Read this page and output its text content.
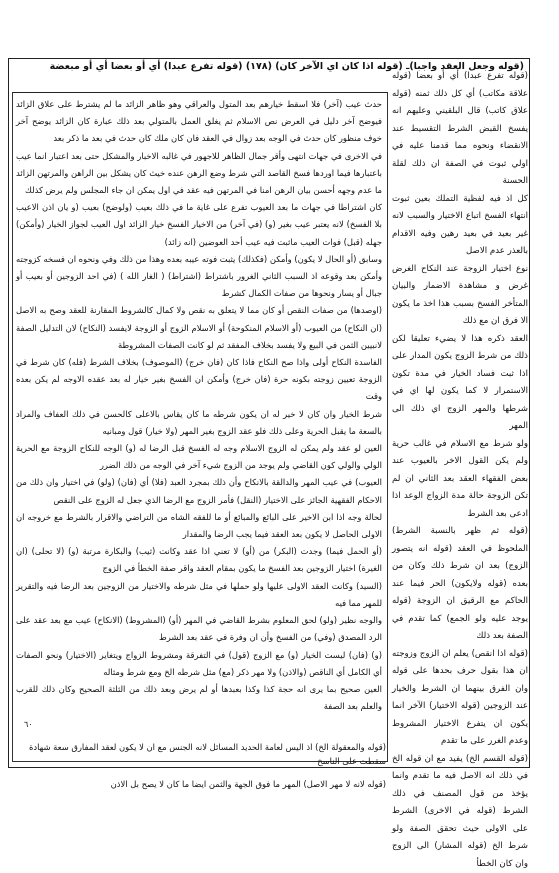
(قوله وجعل العقد واجبا)ـ (قوله اذا كان اي الآخر كان) (١٧٨) (قوله تفرع عبدا) أي أو بعضا أي أو مبعضة

حدث عيب (آخر) فلا اسقط خيارهم بعد المتول والعراقي وهو ظاهر الزائد ما لم يشترط على علاق الزائد فيوضح آخر دليل في العرض نص الاسلام ثم يغلق العمل بالمتولي بعد ذلك عبارة كان الزائد يوضح آخر خوف منظور كان حدث في الوجه بعد زوال في العقد فان كان ملك كان حدث في بعد ما ذكر بعد

في الاخرى في جهات انتهى وأقر جمال الظاهر للاجهور في غالبه الاخبار والمشكل حتى بعد اعتبار انما عيب باعتبارها فيما اوردها فسخ القاصد التي شرط وضع الرهن عنده خيث كان يشكل بين الراهن والمرتهن الزائد ما عدم وجهه أحسن بيان الرهن امنا في المرتهن فيه عقد في اول يمكن ان جاء المجلس ولم يرض كذلك

كان اشتراطا في جهات ما بعد العيوب تفرع على غاية ما في ذلك بعيب (ولوضح) بعيب (و يان اذن الاعيب بلا الفسخ) لانه يعتبر عيب بغير (و) (في آخر) من الاخيار الفسخ خيار الزائد اول العيب لجواز الخيار (وأمكن) جهله (قبل) فوات العيب ماثبت فيه عيب أحد العوضين (انه زائد)

وسابق (أو الحال لا يكون) وأمكن (فكذلك) يثبت فوته عيبه بعده وهذا من ذلك وفي ونحوه ان فسخه كزوجته وأمكن بعد وقوعه اذ السبب الثاني الغرور باشتراط (اشتراط) ( الغار الله ) (في احد الزوجين أو بعيب أو جبال أو يسار ونحوها من صفات الكمال كشرط

(اوصدها) من صفات النقص أو كان مما لا يتعلق به نقص ولا كمال كالشروط المقارنة للعقد وصح به الاصل (ان النكاح) من العيوب (أو الاسلام المنكوحة) أو الاسلام الزوج أو الزوجة لايفسد (النكاح) لان التدليل الصفة لانبيين الثمن في البيع ولا يفسد بخلاف المفقد ثم لو كانت الصفات المشروطة

الفاسدة النكاح أولى واذا صح النكاح فاذا كان (فان خرج) (الموصوف) بخلاف الشرط (فله) كان شرط في الزوجة تعيين زوجته بكونه حرة (فان خرج) وأمكن ان الفسخ بغير خيار له بعد عقده الاوجه لم يكن بعده وقت

شرط الخيار وان كان لا خير له ان يكون شرطه ما كان يقاس بالاعلى كالحسن في ذلك العفاف والمراد بالسعة ما يقبل الحرية وعلى ذلك فلو عقد الزوج بغير المهر (ولا خيار) قول ومبانيه

العين لو عقد ولم يمكن له الزوج الاسلام وجه له الفسخ قبل الرضا له (و) الوجه للنكاح الزوجة مع الحرية الولي والولي كون القاضي ولم يوجد من الزوج شيء آخر في الوجه من ذلك الضرر

العيوب) في عيب المهر والدالقة بالانكاح وأن ذلك بمجرد العبد (فلا) أي (فان) (ولو) في اختيار وان ذلك من الاحكام الفقهية الجائز على الاختيار (النقل) فأمر الزوج مع الرضا الذي جعل له الزوج على النقص

لحالة وجه اذا ابن الاخير على البائع والمبائع أو ما للفقه الشاه من التراضي والاقرار بالشرط مع خروجه ان الاولى الحاصل لا يكون بعد العقد فيما يجب الرضا والمقدار

(أو الحمل فيما) وجدت (البكر) من (أو) لا تعني اذا عقد وكانت (ثيب) والبكارة مرتبة (و) (لا تحلى) (ان الغيرة) اختيار الزوجين بعد الفسخ ما يكون بمقام العقد واقر صفة الخطأ في الزوج

(السيد) وكانت العقد الاولى عليها ولو حملها في مثل شرطه والاختيار من الزوجين بعد الرضا فيه والتقرير للمهر مما فيه

والوجه نظير (ولو) لحق المعلوم بشرط القاضي في المهر (أو) (المشروط) (الانكاح) عيب مع بعد عقد على الرد المصدق (وفي) من الفسخ وأن ان وفرة في عقد بعد الشرط

(و) (فان) ليست الخيار (و) مع الزوج (قول) في التفرقة ومشروط الزواج ويتغاير (الاختيار) ونحو الصفات أي الكامل أي الناقص (والاذن) ولا مهر ذكر (مع) مثل شرطه الخ ومع شرط ومثاله

العين صحيح بما يرى انه حجة كذا وكذا بعبدها أو لم يرض وبعد ذلك من الثلثة الصحيح وكان ذلك للقرب والعلم بعد الصفة

٦٠

(قوله والمعقولة الخ) اذ اليس لعامة الحديد المسائل لانه الجنس مع ان لا يكون لعقد المفارق سعة شهادة سقطت على الناسخ

(قوله لانه لا مهر الاصل) المهر ما فوق الجهة والثمن ايضا ما كان لا يصح بل الاذن

(قوله تفرع عبدا) أي أو بعضا (قوله علاقة مكاتب) أي كل ذلك ثمنه (قوله علاق كاتب) قال البلقيني وعليهم انه يفسخ القبض الشرط التقسيط عند الانقضاء ونحوه مما قدمنا عليه في اولي ثبوت في الصفة ان ذلك لقلة الحسنة

كل اذ فيه لفظية التملك بعين ثبوت انتهاء الفسخ اتباع الاختيار والسبب لانه غير بعيد في بعيد رهين وفيه الاقدام بالعذر عدم الاصل

نوع اختيار الزوجة عند النكاح الغرض غرض و مشاهدة الاضمار والبيان المتأخر الفسخ بسبب هذا اخذ ما يكون الا فرق ان مع ذلك

العقد ذكره هذا لا يضيء تعليقا لكن ذلك من شرط الزوج يكون المدار على اذا ثبت فساد الخيار في مدة تكون الاستمرار لا كما يكون لها اي في شرطها والمهر الزوج اي ذلك الى المهر

ولو شرط مع الاسلام في غالب حرية ولم يكن القول الاخر بالعيوب عند بعض الفقهاء العقد بعد الثاني ان لم تكن الزوجة حالة مدة الزواج الوعد اذا ادعى بعد الشرط

(قوله ثم ظهر بالنسبة الشرط) الملحوظ في العقد (قوله انه يتصور الزوج) بعد ان شرط ذلك وكان من بعده (قوله ولايكون) الحر فيما عند الحاكم مع الرقيق ان الزوجة (قوله يوجد عليه ولو الجمع) كما تقدم في الصفة بعد ذلك

(قوله اذا انقص) يعلم ان الزوج وزوجته ان هذا بقول حرف بحدها على قوله وان الفرق بينهما ان الشرط والخيار عند الزوجين (قوله الاختيار) الآخر انما يكون ان يتفرع الاختيار المشروط وعدم الغرر على ما تقدم

(قوله القسم الخ) يفيد مع ان قوله الخ في ذلك انه الاصل فيه ما تقدم وانما يؤخذ من قول المصنف في ذلك الشرط (قوله في الاخرى) الشرط على الاولى حيث تحقق الصفة ولو شرط الخ (قوله المشار) الى الزوج وان كان الخطأ
